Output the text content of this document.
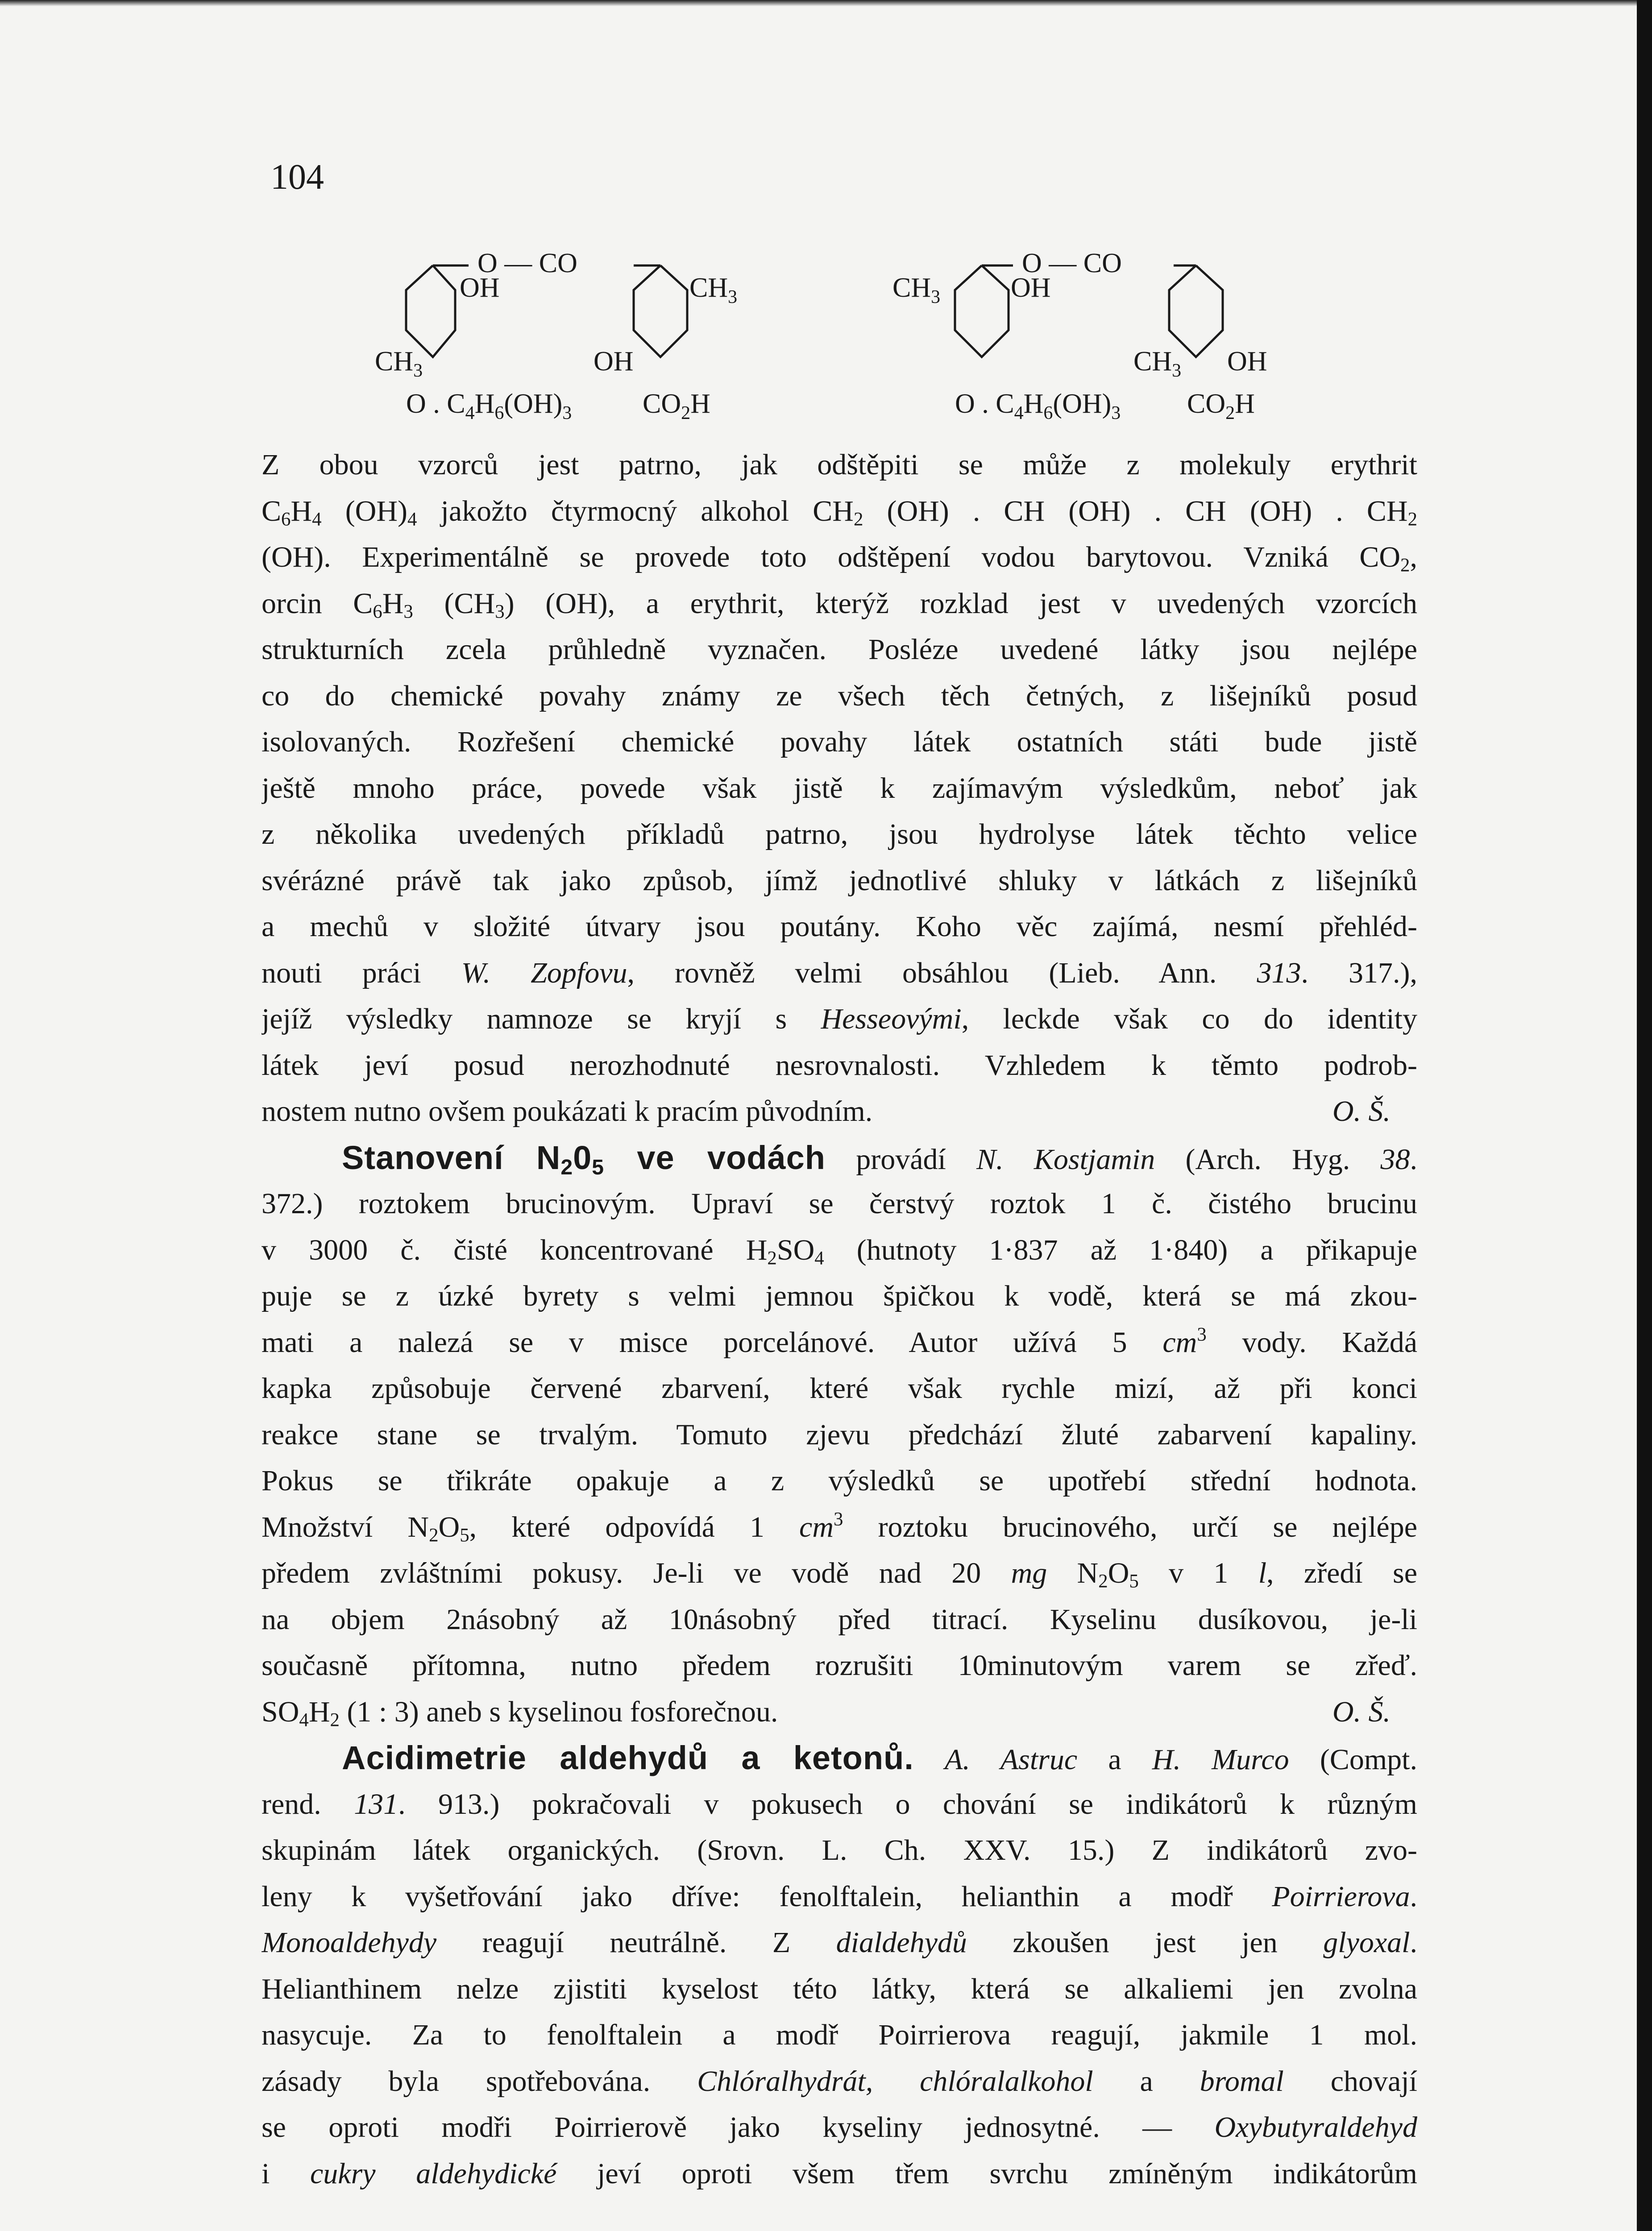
104
O — CO
OH
$CH_3$
O . $C_4H_6(OH)_3$
$CH_3$
OH
$CO_2H$
O — CO
$CH_3$	OH
O . $C_4H_6(OH)_3$
$CH_3$ OH
$CO_2H$
Z obou vzorců jest patrno, jak odštěpiti se může z molekuly erythrit
$C_6H_4$ $(OH)_4$ jakožto čtyrmocný alkohol $CH_2$ (OH) . CH (OH) . CH (OH) . $CH_2$
(OH). Experimentálně se provede toto odštěpení vodou barytovou. Vzniká $CO_2$,
orcin $C_6H_3$ $(CH_3)$ (OH), a erythrit, kterýž rozklad jest v uvedených vzorcích
strukturních zcela průhledně vyznačen. Posléze uvedené látky jsou nejlépe
co do chemické povahy známy ze všech těch četných, z lišejníků posud
isolovaných. Rozřešení chemické povahy látek ostatních státi bude jistě
ještě mnoho práce, povede však jistě k zajímavým výsledkům, neboť jak
z několika uvedených příkladů patrno, jsou hydrolyse látek těchto velice
svérázné právě tak jako způsob, jímž jednotlivé shluky v látkách z lišejníků
a mechů v složité útvary jsou poutány. Koho věc zajímá, nesmí přehléd-
nouti práci W. Zopfovu, rovněž velmi obsáhlou (Lieb. Ann. 313. 317.),
jejíž výsledky namnoze se kryjí s Hesseovými, leckde však co do identity
látek jeví posud nerozhodnuté nesrovnalosti. Vzhledem k těmto podrob-
nostem nutno ovšem poukázati k pracím původním.	O. Š.
Stanovení $N_20_5$ ve vodách provádí N. Kostjamin (Arch. Hyg. 38.
372.) roztokem brucinovým. Upraví se čerstvý roztok 1 č. čistého brucinu
v 3000 č. čisté koncentrované $H_2SO_4$ (hutnoty 1·837 až 1·840) a přikapuje
puje se z úzké byrety s velmi jemnou špičkou k vodě, která se má zkou-
mati a nalezá se v misce porcelánové. Autor užívá 5 $cm^3$ vody. Každá
kapka způsobuje červené zbarvení, které však rychle mizí, až při konci
reakce stane se trvalým. Tomuto zjevu předchází žluté zabarvení kapaliny.
Pokus se třikráte opakuje a z výsledků se upotřebí střední hodnota.
Množství $N_2O_5$, které odpovídá 1 $cm^3$ roztoku brucinového, určí se nejlépe
předem zvláštními pokusy. Je-li ve vodě nad 20 mg $N_2O_5$ v 1 l, zředí se
na objem 2násobný až 10násobný před titrací. Kyselinu dusíkovou, je-li
současně přítomna, nutno předem rozrušiti 10minutovým varem se zřeď.
$SO_4H_2$ (1 : 3) aneb s kyselinou fosforečnou.	O. Š.
Acidimetrie aldehydů a ketonů. A. Astruc a H. Murco (Compt.
rend. 131. 913.) pokračovali v pokusech o chování se indikátorů k různým
skupinám látek organických. (Srovn. L. Ch. XXV. 15.) Z indikátorů zvo-
leny k vyšetřování jako dříve: fenolftalein, helianthin a modř Poirrierova.
Monoaldehydy reagují neutrálně. Z dialdehydů zkoušen jest jen glyoxal.
Helianthinem nelze zjistiti kyselost této látky, která se alkaliemi jen zvolna
nasycuje. Za to fenolftalein a modř Poirrierova reagují, jakmile 1 mol.
zásady byla spotřebována. Chlóralhydrát, chlóralalkohol a bromal chovají
se oproti modři Poirrierově jako kyseliny jednosytné. — Oxybutyraldehyd
i cukry aldehydické jeví oproti všem třem svrchu zmíněným indikátorům
